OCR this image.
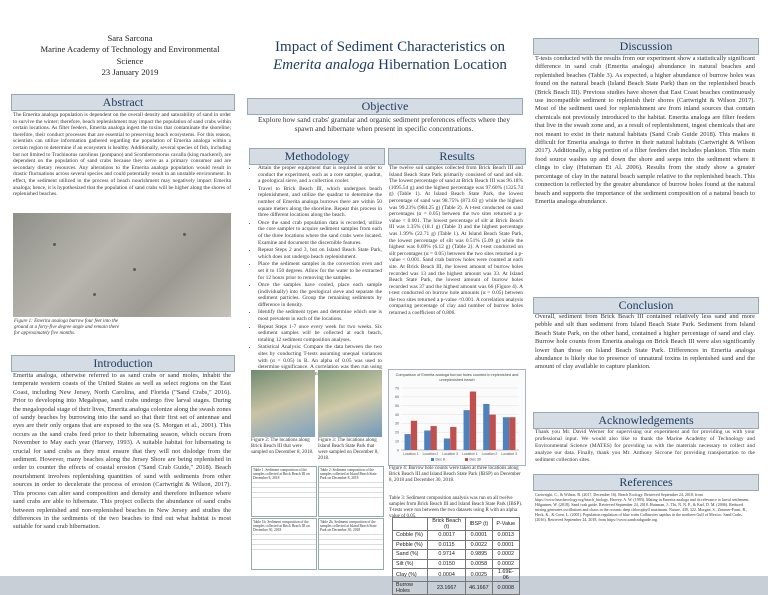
Sara Sarcona
Marine Academy of Technology and Environmental Science
23 January 2019
Impact of Sediment Characteristics on
Emerita analoga Hibernation Location
Abstract
The Emerita analoga population is dependent on the overall density and saturability of sand in order to survive the winter; therefore, beach replenishment may impact the population of sand crabs within certain locations. As filter feeders, Emerita analoga ingest the toxins that contaminate the shoreline; therefore, their conduct processes that are essential to preserving beach ecosystems. For this reason, scientists can utilize information gathered regarding the population of Emerita analoga within a certain region to determine if an ecosystem is healthy. Additionally, several species of fish, including but not limited to Trachinotus carolinus (pompano) and Scomberomorus cavalla (king mackerel), are dependent on the population of sand crabs because they serve as a primary consumer and are secondary dietary resources. Any alterations to the Emerita analoga population would result in drastic fluctuations across several species and could potentially result in an unstable environment. In effect, the sediment utilized in the process of beach nourishment may negatively impact Emerita analoga; hence, it is hypothesized that the population of sand crabs will be higher along the shores of replenished beaches.
Figure 1: Emerita analoga burrow four feet into the ground at a forty-five degree angle and remain there for approximately five months.
Objective
Explore how sand crabs' granular and organic sediment preferences effects where they spawn and hibernate when present in specific concentrations.
Methodology
• Attain the proper equipment that is required in order to conduct the experiment, such as a core sampler, quadrat, a geological sieve, and a collection cooler.
• Travel to Brick Beach III, which undergoes beach replenishment, and utilize the quadrat to determine the number of Emerita analoga burrows there are within 50 square meters along the shoreline. Repeat this process in three different locations along the beach.
• Once the sand crab population data is recorded, utilize the core sampler to acquire sediment samples from each of the three locations where the sand crabs were located. Examine and document the discernible features.
• Repeat Steps 2 and 3, but on Island Beach State Park, which does not undergo beach replenishment.
• Place the sediment samples in the convection oven and set it to 150 degrees. Allow for the water to be extracted for 12 hours prior to removing the samples.
• Once the samples have cooled, place each sample (individually) into the geological sieve and separate the sediment particles. Group the remaining sediments by difference in density.
• Identify the sediment types and determine which one is most prevalent in each of the locations.
• Repeat Steps 1-7 once every week for two weeks. Six sediment samples will be collected at each beach, totaling 12 sediment composition analyses.
• Statistical Analysis: Compare the data between the two sites by conducting T-tests assuming unequal variances with (α = 0.05) in R. An alpha of 0.05 was used to determine significance. A correlation was then run using number
Results
The twelve soil samples collected from Brick Beach III and Island Beach State Park primarily consisted of sand and silt. The lowest percentage of sand at Brick Beach III was 96.18% (1095.54 g) and the highest percentage was 97.60% (1325.74 g) (Table 1). At Island Beach State Park, the lowest percentage of sand was 98.75% (873.63 g) while the highest was 99.23% (984.25 g) (Table 2). A t-test conducted on sand percentages (α = 0.05) between the two sites returned a p-value < 0.001. The lowest percentage of silt at Brick Beach III was 1.35% (18.1 g) (Table 3) and the highest percentage was 1.99% (22.71 g) (Table 1). At Island Beach State Park, the lowest percentage of silt was 0.51% (5.09 g) while the highest was 0.69% (6.12 g) (Table 2). A t-test conducted on silt percentages (α = 0.05) between the two sites returned a p-value < 0.001. Sand crab burrow holes were counted at each site. At Brick Beach III, the lowest amount of burrow holes recorded was 13 and the highest amount was 33. At Island Beach State Park, the lowest amount of burrow holes recorded was 37 and the highest amount was 66 (Figure 4). A t-test conducted on burrow hole amounts (α = 0.05) between the two sites returned a p-value <0.001. A correlation analysis comparing percentage of clay and number of burrow holes returned a coefficient of 0.806.
Figure 2: The locations along Brick Beach III that were sampled on December 8, 2018.
Figure 3: The locations along Island Beach State Park that were sampled on December 8, 2018.
Table 1: Sediment composition of the samples collected at Brick Beach III on December 8, 2018
Table 2: Sediment composition of the samples collected at Island Beach State Park on December 8, 2018
Table 1b: Sediment composition of the samples collected at Brick Beach III on December 30, 2018
Table 2b: Sediment composition of the samples collected at Island Beach State Park on December 30, 2018
Comparison of Emerita analoga burrow holes counted in replenished and unreplenished beach
0
10
20
30
40
50
60
70
Location 1 Location 2 Location 3 Location 1 Location 2 Location 3
Dec 8	Dec 30
Figure 4: Burrow hole counts were taken at three locations along Brick Beach III and Island Beach State Park (IBSP) on December 8, 2018 and December 30, 2018.
Table 3: Sediment composition analysis was run on all twelve samples from Brick Beach III and Island Beach State Park (IBSP). T-tests were run between the two datasets using R with an alpha value of 0.05.
	Brick Beach (t)	IBSP (t)	P-Value
Cobble (%)	0.0017	0.0001	0.0013
Pebble (%)	0.0115	0.0022	0.0001
Sand (%)	0.9714	0.9895	0.0002
Silt (%)	0.0150	0.0058	0.0002
Clay (%)	0.0004	0.0025	1.69E-06
Burrow Holes	23.1667	46.1667	0.0008
Discussion
T-tests conducted with the results from our experiment show a statistically significant difference in sand crab (Emerita analoga) abundance in natural beaches and replenished beaches (Table 3). As expected, a higher abundance of burrow holes was found on the natural beach (Island Beach State Park) than on the replenished beach (Brick Beach III). Previous studies have shown that East Coast beaches continuously use incompatible sediment to replenish their shores (Cartwright & Wilson 2017). Most of the sediment used for replenishment are from inland sources that contain chemicals not previously introduced to the habitat. Emerita analoga are filter feeders that live in the swash zone and, as a result of replenishment, ingest chemicals that are not meant to exist in their natural habitats (Sand Crab Guide 2018). This makes it difficult for Emerita analoga to thrive in their natural habitats (Cartwright & Wilson 2017). Additionally, a big portion of a filter feeders diet includes plankton. This main food source washes up and down the shore and seeps into the sediment where it clings to clay (Huisman Et Al. 2006). Results from the study show a greater percentage of clay in the natural beach sample relative to the replenished beach. This connection is reflected by the greater abundance of burrow holes found at the natural beach and supports the importance of the sediment composition of a natural beach to Emerita analoga abundance.
Conclusion
Overall, sediment from Brick Beach III contained relatively less sand and more pebble and silt than sediment from Island Beach State Park. Sediment from Island Beach State Park, on the other hand, contained a higher percentage of sand and clay. Burrow hole counts from Emerita analoga on Brick Beach III were also significantly lower than those on Island Beach State Park. Differences in Emerita analoga abundance is likely due to presence of unnatural toxins in replenished sand and the amount of clay available to capture plankton.
Acknowledgements
Thank you Mr. David Werner for supervising our experiment and for providing us with your professional input. We would also like to thank the Marine Academy of Technology and Environmental Science (MATES) for providing us with the materials necessary to collect and analyze our data. Finally, thank you Mr. Anthony Siccone for providing transportation to the sediment collection sites.
References
Cartwright, C., & Wilson, B. (2017, December 16). Beach Ecology. Retrieved September 24, 2018, from https://www.beachecology.org/beach_biology. Harvey, A. W. (1993). Mating in Emerita analoga and its relevance to larval settlement. Hilgartner, W. (2018). Sand crab guide. Retrieved September 24, 2018. Huisman, J., Thi, N. N. P., & Karl, D. M. (2006). Reduced mixing generates oscillations and chaos in the oceanic deep chlorophyll maximum. Nature, 439, 322. Morgan, S., Zimmer-Faust, R., Heck, K., & Coen, L. (2001). Population regulation of blue crabs Callinectes sapidus in the northern Gulf of Mexico. Sand Crabs. (2016). Retrieved September 24, 2018, from https://www.sandcrabguide.org.
Introduction
Emerita analoga, otherwise referred to as sand crabs or sand moles, inhabit the temperate western coasts of the United States as well as select regions on the East Coast, including New Jersey, North Carolina, and Florida ("Sand Crabs," 2016). Prior to developing into Megalopae, sand crabs undergo five larval stages. During the megalopodal stage of their lives, Emerita analoga colonize along the swash zones of sandy beaches by burrowing into the sand so that their first set of antennae and eyes are their only organs that are exposed to the sea (S. Morgan et al., 2001). This occurs as the sand crabs feed prior to their hibernating season, which occurs from November to May each year (Harvey, 1993). A suitable habitat for hibernating is crucial for sand crabs as they must ensure that they will not dislodge from the sediment. However, many beaches along the Jersey Shore are being replenished in order to counter the effects of coastal erosion ("Sand Crab Guide," 2018). Beach nourishment involves replenishing quantities of sand with sediments from other sources in order to decelerate the process of erosion (Cartwright & Wilson, 2017). This process can alter sand composition and density and therefore influence where sand crabs are able to hibernate. This project collects the abundance of sand crabs between replenished and non-replenished beaches in New Jersey and studies the differences in the sediments of the two beaches to find out what habitat is most suitable for sand crab hibernation.
